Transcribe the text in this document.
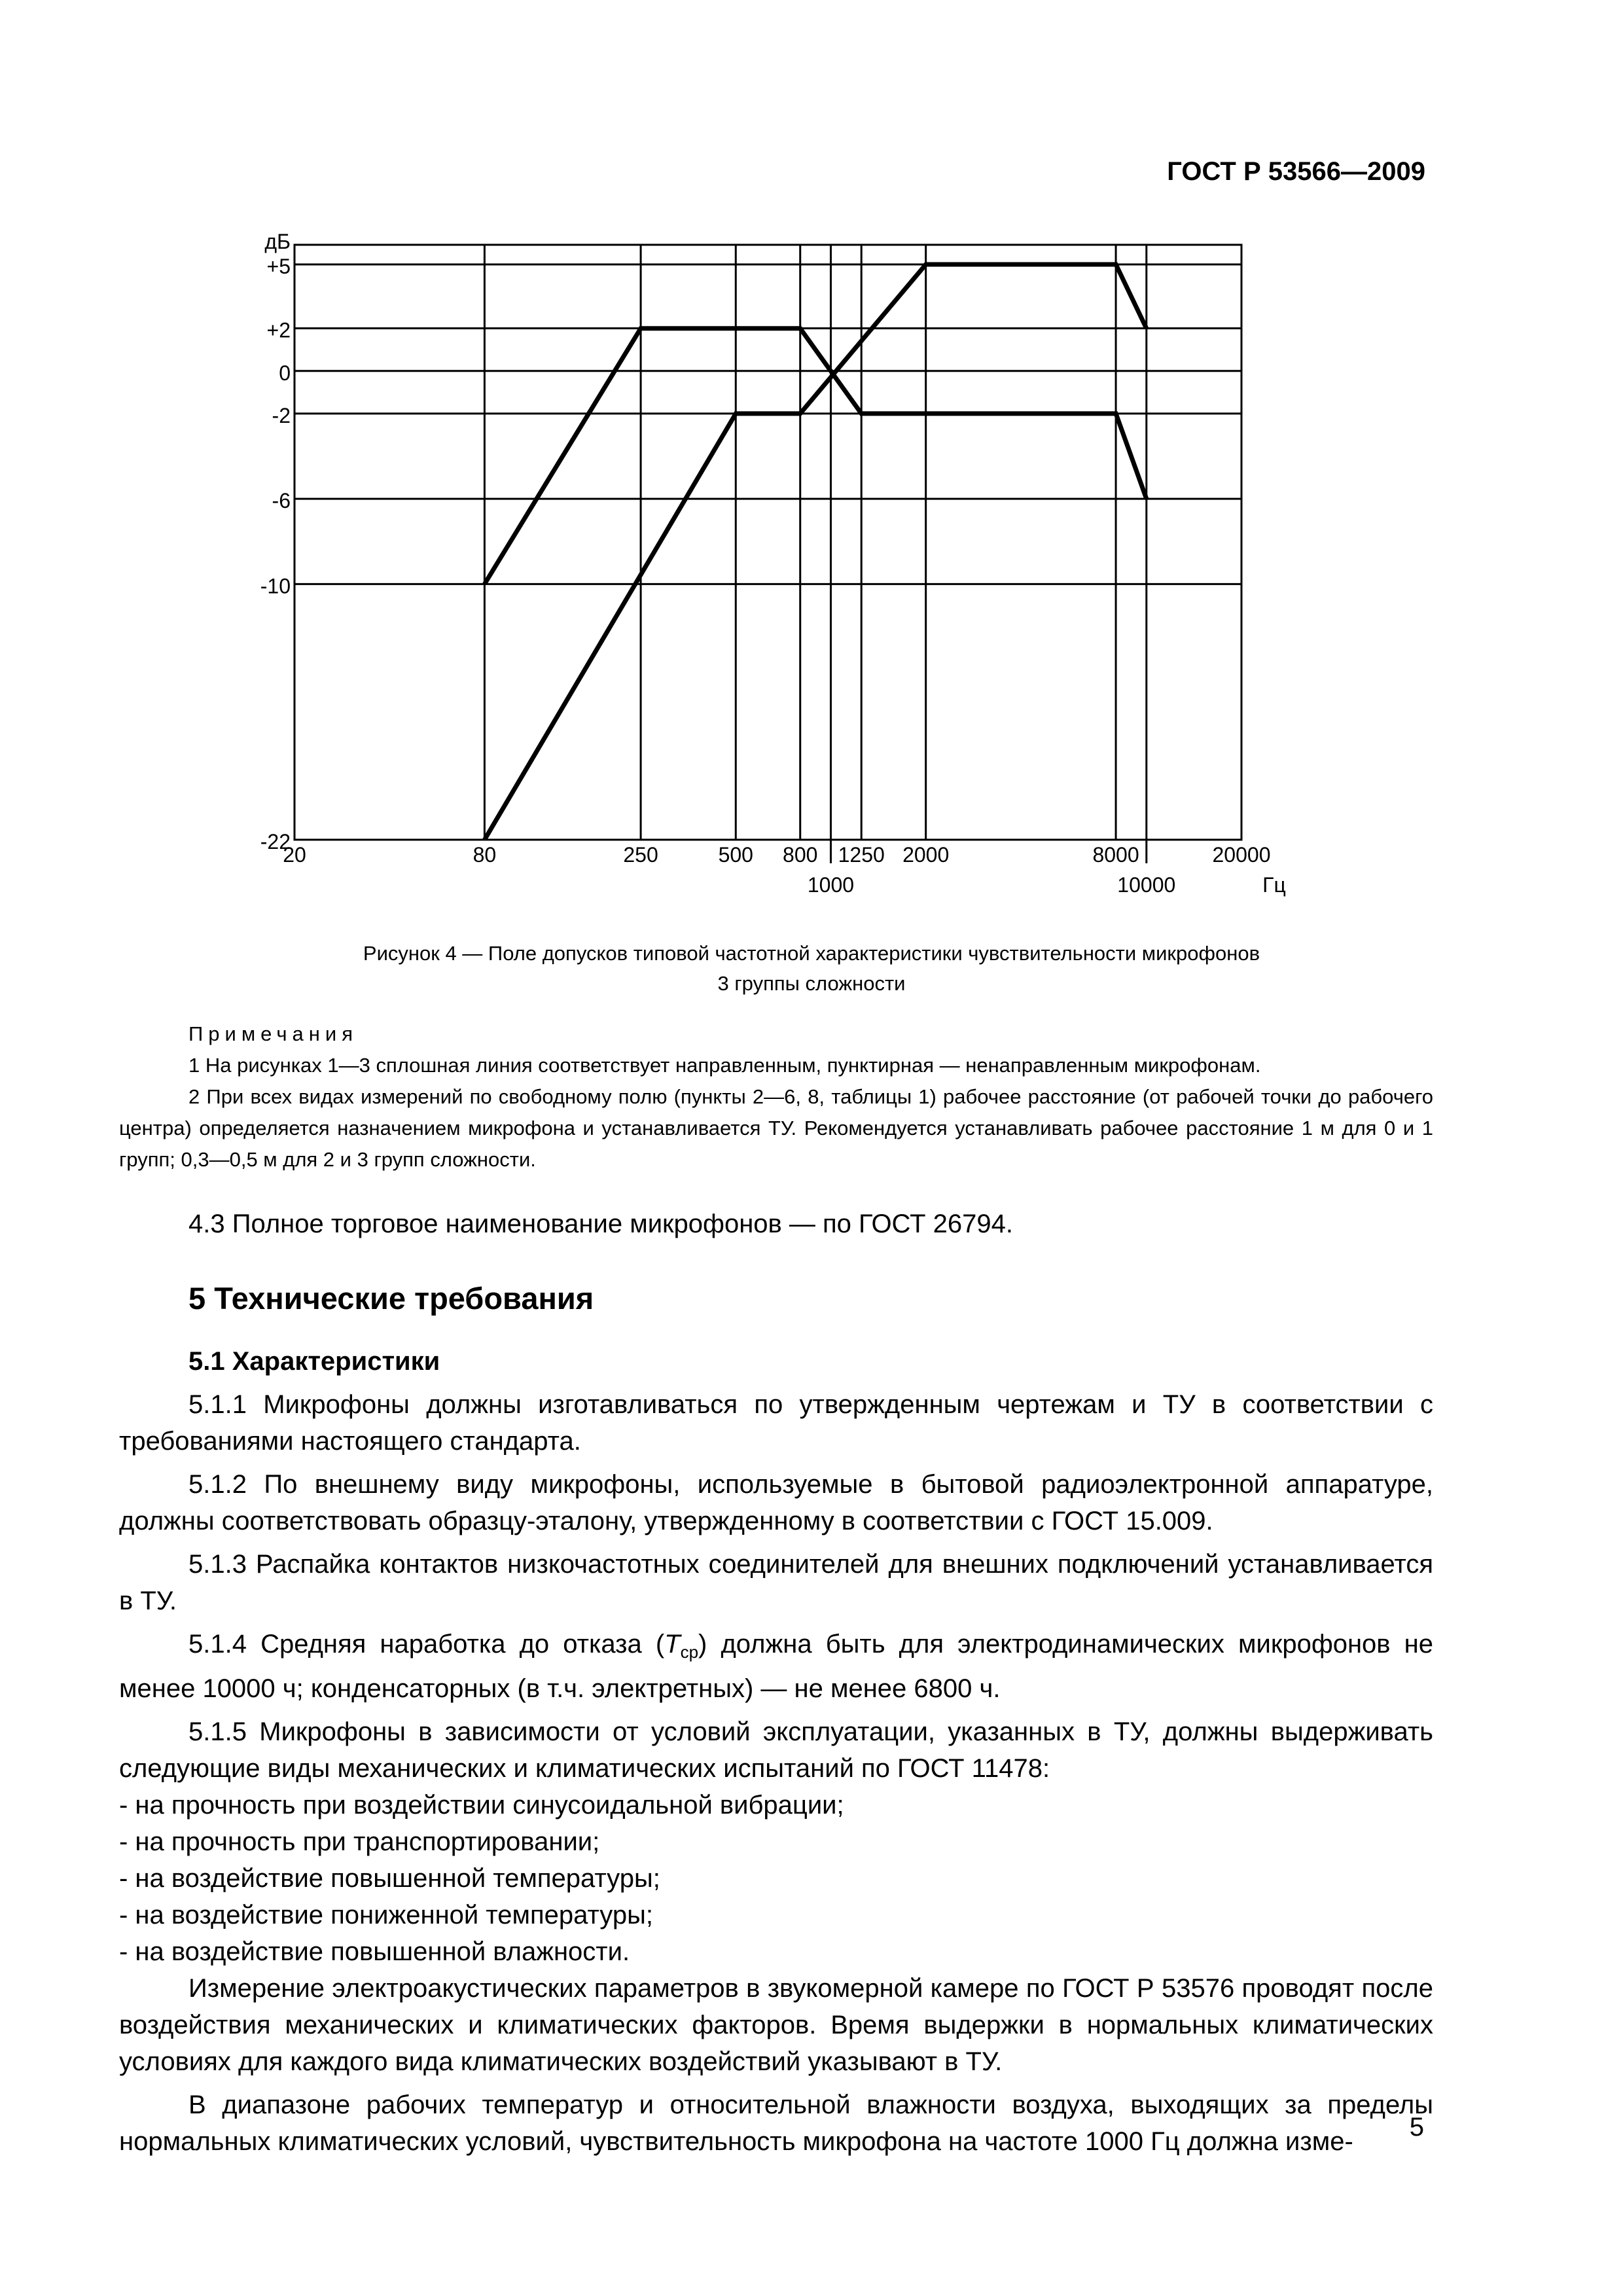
ГОСТ Р 53566—2009
+5
+2
0
-2
-6
-10
-22
дБ
20	80	250	500 800
1000
1250 2000	8000
10000
20000
Гц
Рисунок 4 — Поле допусков типовой частотной характеристики чувствительности микрофонов
3 группы сложности

Примечания

1 На рисунках 1—3 сплошная линия соответствует направленным, пунктирная — ненаправленным микрофонам.

2 При всех видах измерений по свободному полю (пункты 2—6, 8, таблицы 1) рабочее расстояние (от рабочей точки до рабочего центра) определяется назначением микрофона и устанавливается ТУ. Рекомендуется устанавливать рабочее расстояние 1 м для 0 и 1 групп; 0,3—0,5 м для 2 и 3 групп сложности.

4.3 Полное торговое наименование микрофонов — по ГОСТ 26794.

5 Технические требования
5.1 Характеристики

5.1.1 Микрофоны должны изготавливаться по утвержденным чертежам и ТУ в соответствии с требованиями настоящего стандарта.

5.1.2 По внешнему виду микрофоны, используемые в бытовой радиоэлектронной аппаратуре, должны соответствовать образцу-эталону, утвержденному в соответствии с ГОСТ 15.009.

5.1.3 Распайка контактов низкочастотных соединителей для внешних подключений устанавливается в ТУ.

5.1.4 Средняя наработка до отказа $(T_{ср})$ должна быть для электродинамических микрофонов не менее 10000 ч; конденсаторных (в т.ч. электретных) — не менее 6800 ч.

5.1.5 Микрофоны в зависимости от условий эксплуатации, указанных в ТУ, должны выдерживать следующие виды механических и климатических испытаний по ГОСТ 11478:

- на прочность при воздействии синусоидальной вибрации;

- на прочность при транспортировании;

- на воздействие повышенной температуры;

- на воздействие пониженной температуры;

- на воздействие повышенной влажности.

Измерение электроакустических параметров в звукомерной камере по ГОСТ Р 53576 проводят после воздействия механических и климатических факторов. Время выдержки в нормальных климатических условиях для каждого вида климатических воздействий указывают в ТУ.

В диапазоне рабочих температур и относительной влажности воздуха, выходящих за пределы нормальных климатических условий, чувствительность микрофона на частоте 1000 Гц должна изме-	5
